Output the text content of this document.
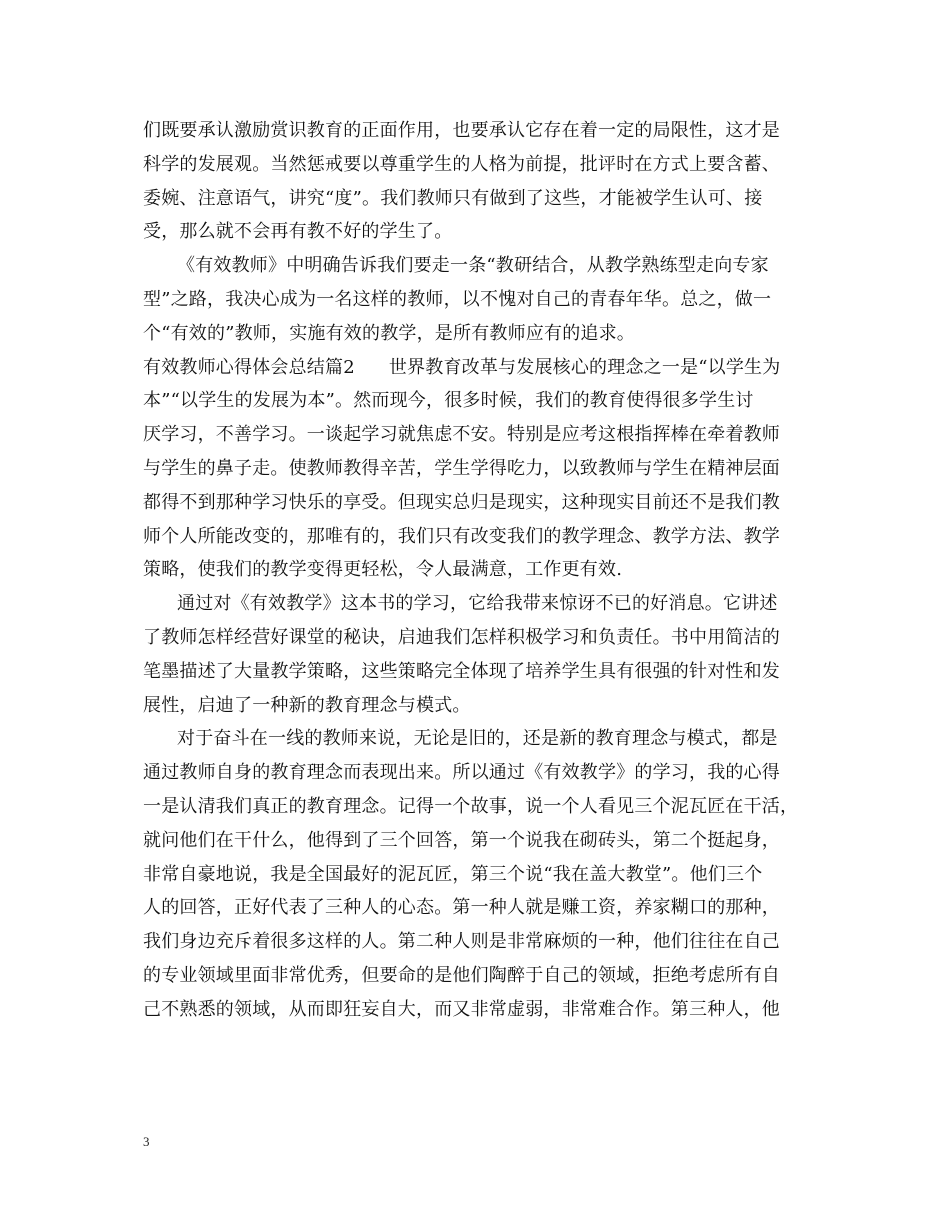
们既要承认激励赏识教育的正面作用，也要承认它存在着一定的局限性，这才是
科学的发展观。当然惩戒要以尊重学生的人格为前提，批评时在方式上要含蓄、
委婉、注意语气，讲究“度”。我们教师只有做到了这些，才能被学生认可、接
受，那么就不会再有教不好的学生了。
《有效教师》中明确告诉我们要走一条“教研结合，从教学熟练型走向专家
型”之路，我决心成为一名这样的教师，以不愧对自己的青春年华。总之，做一
个“有效的”教师，实施有效的教学，是所有教师应有的追求。
有效教师心得体会总结篇2 世界教育改革与发展核心的理念之一是“以学生为
本”“以学生的发展为本”。然而现今，很多时候，我们的教育使得很多学生讨
厌学习，不善学习。一谈起学习就焦虑不安。特别是应考这根指挥棒在牵着教师
与学生的鼻子走。使教师教得辛苦，学生学得吃力，以致教师与学生在精神层面
都得不到那种学习快乐的享受。但现实总归是现实，这种现实目前还不是我们教
师个人所能改变的，那唯有的，我们只有改变我们的教学理念、教学方法、教学
策略，使我们的教学变得更轻松，令人最满意，工作更有效.
通过对《有效教学》这本书的学习，它给我带来惊讶不已的好消息。它讲述
了教师怎样经营好课堂的秘诀，启迪我们怎样积极学习和负责任。书中用简洁的
笔墨描述了大量教学策略，这些策略完全体现了培养学生具有很强的针对性和发
展性，启迪了一种新的教育理念与模式。
对于奋斗在一线的教师来说，无论是旧的，还是新的教育理念与模式，都是
通过教师自身的教育理念而表现出来。所以通过《有效教学》的学习，我的心得
一是认清我们真正的教育理念。记得一个故事，说一个人看见三个泥瓦匠在干活，
就问他们在干什么，他得到了三个回答，第一个说我在砌砖头，第二个挺起身，
非常自豪地说，我是全国最好的泥瓦匠，第三个说“我在盖大教堂”。他们三个
人的回答，正好代表了三种人的心态。第一种人就是赚工资，养家糊口的那种，
我们身边充斥着很多这样的人。第二种人则是非常麻烦的一种，他们往往在自己
的专业领域里面非常优秀，但要命的是他们陶醉于自己的领域，拒绝考虑所有自
己不熟悉的领域，从而即狂妄自大，而又非常虚弱，非常难合作。第三种人，他
3
